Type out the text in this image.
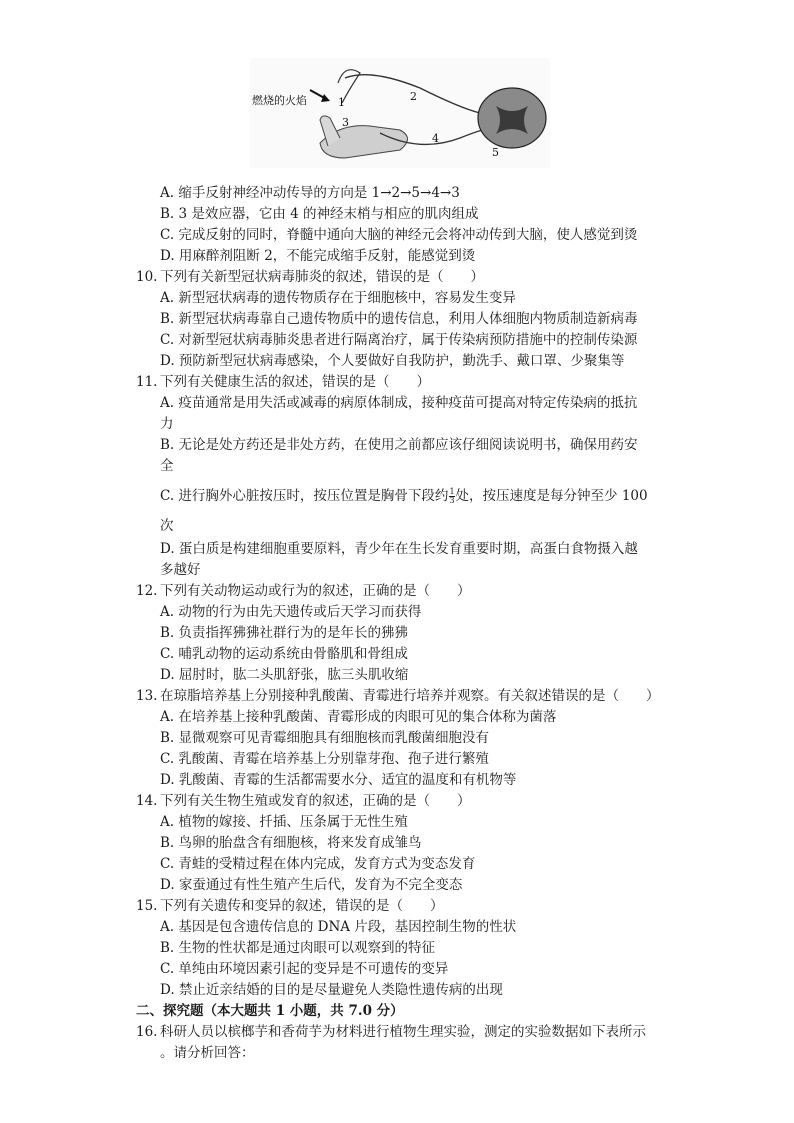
燃烧的火焰	1	2
3
4
5
A. 缩手反射神经冲动传导的方向是 1→2→5→4→3
B. 3 是效应器，它由 4 的神经末梢与相应的肌肉组成
C. 完成反射的同时，脊髓中通向大脑的神经元会将冲动传到大脑，使人感觉到烫
D. 用麻醉剂阻断 2，不能完成缩手反射，能感觉到烫
10. 下列有关新型冠状病毒肺炎的叙述，错误的是（　　）
A. 新型冠状病毒的遗传物质存在于细胞核中，容易发生变异
B. 新型冠状病毒靠自己遗传物质中的遗传信息，利用人体细胞内物质制造新病毒
C. 对新型冠状病毒肺炎患者进行隔离治疗，属于传染病预防措施中的控制传染源
D. 预防新型冠状病毒感染，个人要做好自我防护，勤洗手、戴口罩、少聚集等
11. 下列有关健康生活的叙述，错误的是（　　）
A. 疫苗通常是用失活或减毒的病原体制成，接种疫苗可提高对特定传染病的抵抗
力
B. 无论是处方药还是非处方药，在使用之前都应该仔细阅读说明书，确保用药安
全
C. 进行胸外心脏按压时，按压位置是胸骨下段约 $\frac{1}{3}$ 处，按压速度是每分钟至少 100
次
D. 蛋白质是构建细胞重要原料，青少年在生长发育重要时期，高蛋白食物摄入越
多越好
12. 下列有关动物运动或行为的叙述，正确的是（　　）
A. 动物的行为由先天遗传或后天学习而获得
B. 负责指挥狒狒社群行为的是年长的狒狒
C. 哺乳动物的运动系统由骨骼肌和骨组成
D. 屈肘时，肱二头肌舒张，肱三头肌收缩
13. 在琼脂培养基上分别接种乳酸菌、青霉进行培养并观察。有关叙述错误的是（　　）
A. 在培养基上接种乳酸菌、青霉形成的肉眼可见的集合体称为菌落
B. 显微观察可见青霉细胞具有细胞核而乳酸菌细胞没有
C. 乳酸菌、青霉在培养基上分别靠芽孢、孢子进行繁殖
D. 乳酸菌、青霉的生活都需要水分、适宜的温度和有机物等
14. 下列有关生物生殖或发育的叙述，正确的是（　　）
A. 植物的嫁接、扦插、压条属于无性生殖
B. 鸟卵的胎盘含有细胞核，将来发育成雏鸟
C. 青蛙的受精过程在体内完成，发育方式为变态发育
D. 家蚕通过有性生殖产生后代，发育为不完全变态
15. 下列有关遗传和变异的叙述，错误的是（　　）
A. 基因是包含遗传信息的 DNA 片段，基因控制生物的性状
B. 生物的性状都是通过肉眼可以观察到的特征
C. 单纯由环境因素引起的变异是不可遗传的变异
D. 禁止近亲结婚的目的是尽量避免人类隐性遗传病的出现
二、探究题（本大题共 1 小题，共 7.0 分）
16. 科研人员以槟榔芋和香荷芋为材料进行植物生理实验，测定的实验数据如下表所示
。请分析回答：
